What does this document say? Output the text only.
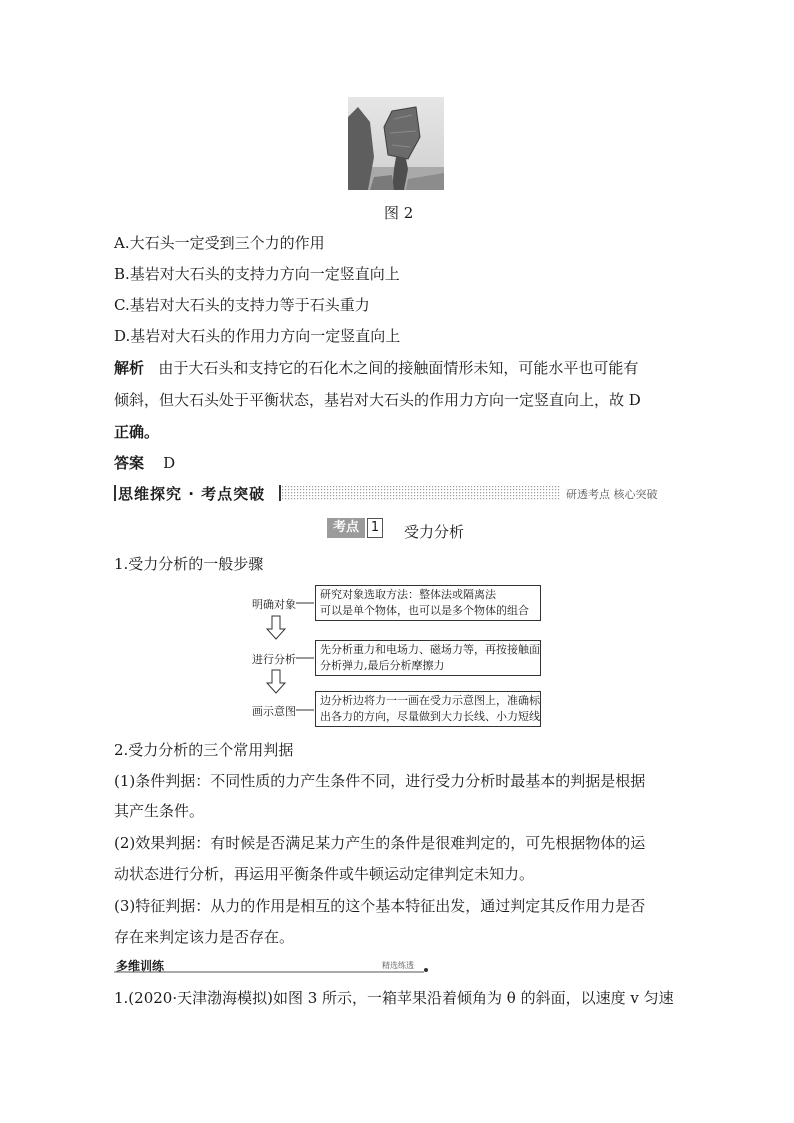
图 2
A.大石头一定受到三个力的作用
B.基岩对大石头的支持力方向一定竖直向上
C.基岩对大石头的支持力等于石头重力
D.基岩对大石头的作用力方向一定竖直向上
解析 由于大石头和支持它的石化木之间的接触面情形未知，可能水平也可能有
倾斜，但大石头处于平衡状态，基岩对大石头的作用力方向一定竖直向上，故 D
正确。
答案 D
思维探究 · 考点突破	研透考点 核心突破
考点 1 受力分析
1.受力分析的一般步骤
明确对象
研究对象选取方法：整体法或隔离法
可以是单个物体，也可以是多个物体的组合
进行分析
先分析重力和电场力、磁场力等，再按接触面
分析弹力,最后分析摩擦力
画示意图
边分析边将力一一画在受力示意图上，准确标
出各力的方向，尽量做到大力长线、小力短线
2.受力分析的三个常用判据
(1)条件判据：不同性质的力产生条件不同，进行受力分析时最基本的判据是根据
其产生条件。
(2)效果判据：有时候是否满足某力产生的条件是很难判定的，可先根据物体的运
动状态进行分析，再运用平衡条件或牛顿运动定律判定未知力。
(3)特征判据：从力的作用是相互的这个基本特征出发，通过判定其反作用力是否
存在来判定该力是否存在。
多维训练	精选练透
1.(2020·天津渤海模拟)如图 3 所示，一箱苹果沿着倾角为 θ 的斜面，以速度 v 匀速
